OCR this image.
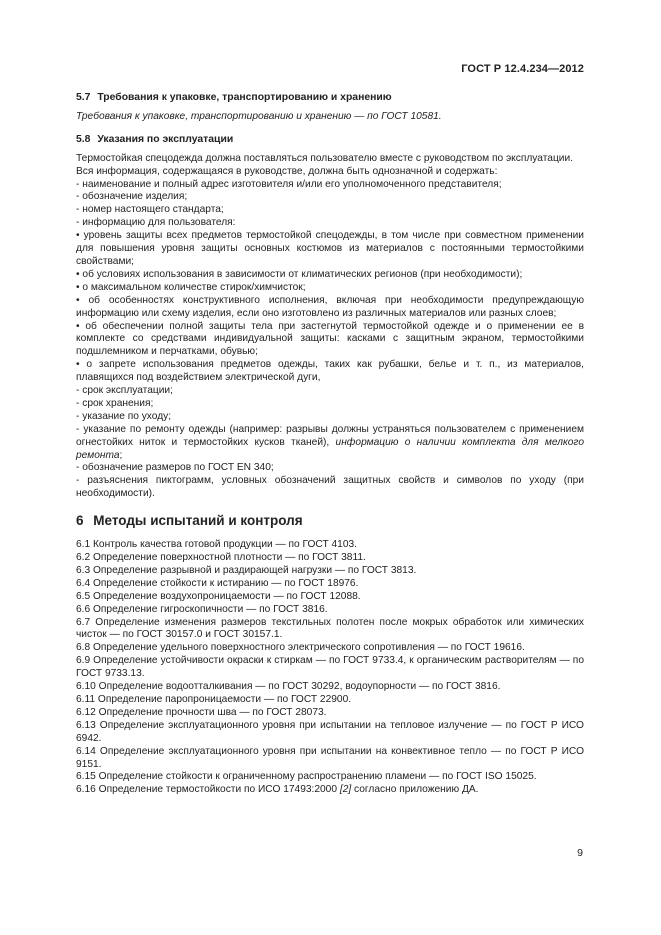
ГОСТ Р 12.4.234—2012
5.7 Требования к упаковке, транспортированию и хранению

Требования к упаковке, транспортированию и хранению — по ГОСТ 10581.

5.8 Указания по эксплуатации

Термостойкая спецодежда должна поставляться пользователю вместе с руководством по эксплуатации.

Вся информация, содержащаяся в руководстве, должна быть однозначной и содержать:

- наименование и полный адрес изготовителя и/или его уполномоченного представителя;

- обозначение изделия;

- номер настоящего стандарта;

- информацию для пользователя:

• уровень защиты всех предметов термостойкой спецодежды, в том числе при совместном применении для повышения уровня защиты основных костюмов из материалов с постоянными термостойкими свойствами;

• об условиях использования в зависимости от климатических регионов (при необходимости);

• о максимальном количестве стирок/химчисток;

• об особенностях конструктивного исполнения, включая при необходимости предупреждающую информацию или схему изделия, если оно изготовлено из различных материалов или разных слоев;

• об обеспечении полной защиты тела при застегнутой термостойкой одежде и о применении ее в комплекте со средствами индивидуальной защиты: касками с защитным экраном, термостойкими подшлемником и перчатками, обувью;

• о запрете использования предметов одежды, таких как рубашки, белье и т. п., из материалов, плавящихся под воздействием электрической дуги,

- срок эксплуатации;

- срок хранения;

- указание по уходу;

- указание по ремонту одежды (например: разрывы должны устраняться пользователем с применением огнестойких ниток и термостойких кусков тканей), информацию о наличии комплекта для мелкого ремонта;

- обозначение размеров по ГОСТ EN 340;

- разъяснения пиктограмм, условных обозначений защитных свойств и символов по уходу (при необходимости).

6 Методы испытаний и контроля

6.1 Контроль качества готовой продукции — по ГОСТ 4103.

6.2 Определение поверхностной плотности — по ГОСТ 3811.

6.3 Определение разрывной и раздирающей нагрузки — по ГОСТ 3813.

6.4 Определение стойкости к истиранию — по ГОСТ 18976.

6.5 Определение воздухопроницаемости — по ГОСТ 12088.

6.6 Определение гигроскопичности — по ГОСТ 3816.

6.7 Определение изменения размеров текстильных полотен после мокрых обработок или химических чисток — по ГОСТ 30157.0 и ГОСТ 30157.1.

6.8 Определение удельного поверхностного электрического сопротивления — по ГОСТ 19616.

6.9 Определение устойчивости окраски к стиркам — по ГОСТ 9733.4, к органическим растворителям — по ГОСТ 9733.13.

6.10 Определение водоотталкивания — по ГОСТ 30292, водоупорности — по ГОСТ 3816.

6.11 Определение паропроницаемости — по ГОСТ 22900.

6.12 Определение прочности шва — по ГОСТ 28073.

6.13 Определение эксплуатационного уровня при испытании на тепловое излучение — по ГОСТ Р ИСО 6942.

6.14 Определение эксплуатационного уровня при испытании на конвективное тепло — по ГОСТ Р ИСО 9151.

6.15 Определение стойкости к ограниченному распространению пламени — по ГОСТ ISO 15025.

6.16 Определение термостойкости по ИСО 17493:2000 [2] согласно приложению ДА.

9
